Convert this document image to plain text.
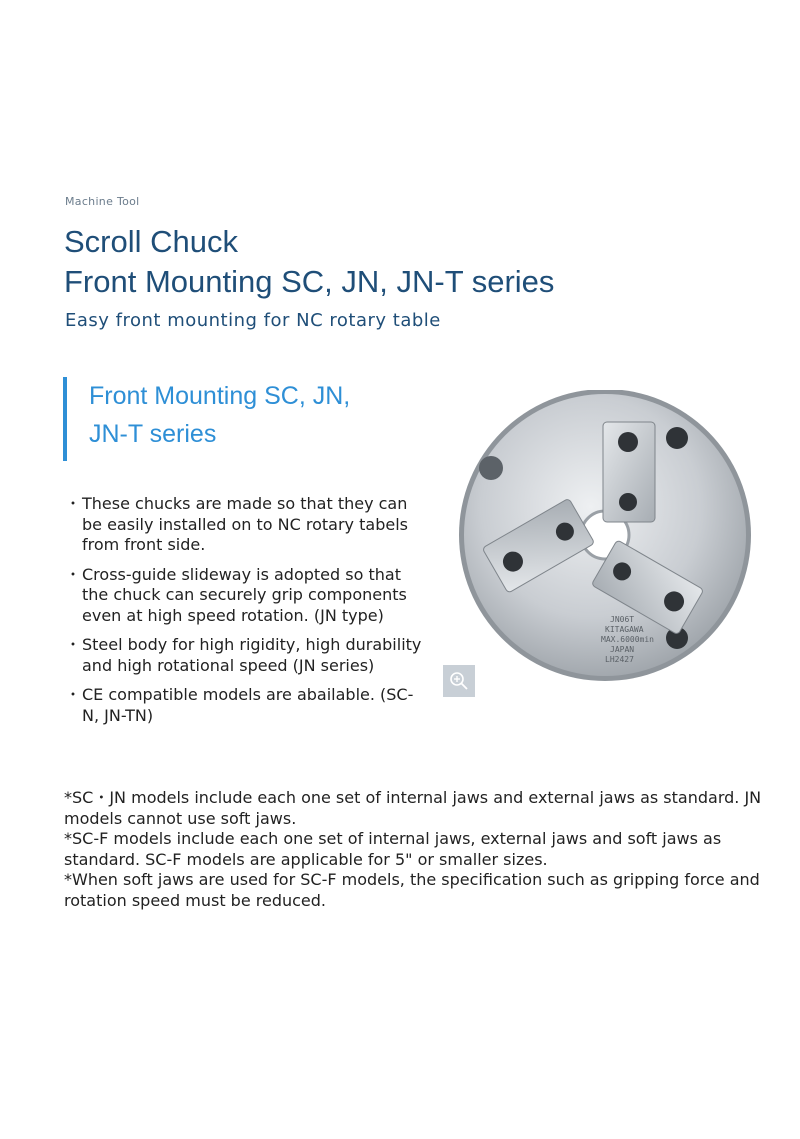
Machine Tool
Scroll Chuck
Front Mounting SC, JN, JN-T series
Easy front mounting for NC rotary table
Front Mounting SC, JN,
JN-T series
・ These chucks are made so that they can be easily installed on to NC rotary tabels from front side.
・ Cross-guide slideway is adopted so that the chuck can securely grip components even at high speed rotation. (JN type)
・ Steel body for high rigidity, high durability and high rotational speed (JN series)
・ CE compatible models are abailable. (SC-N, JN-TN)
JN06T
KITAGAWA
MAX.6000min
JAPAN
LH2427

*SC・JN models include each one set of internal jaws and external jaws as standard. JN models cannot use soft jaws.

*SC-F models include each one set of internal jaws, external jaws and soft jaws as standard. SC-F models are applicable for 5" or smaller sizes.

*When soft jaws are used for SC-F models, the specification such as gripping force and rotation speed must be reduced.
